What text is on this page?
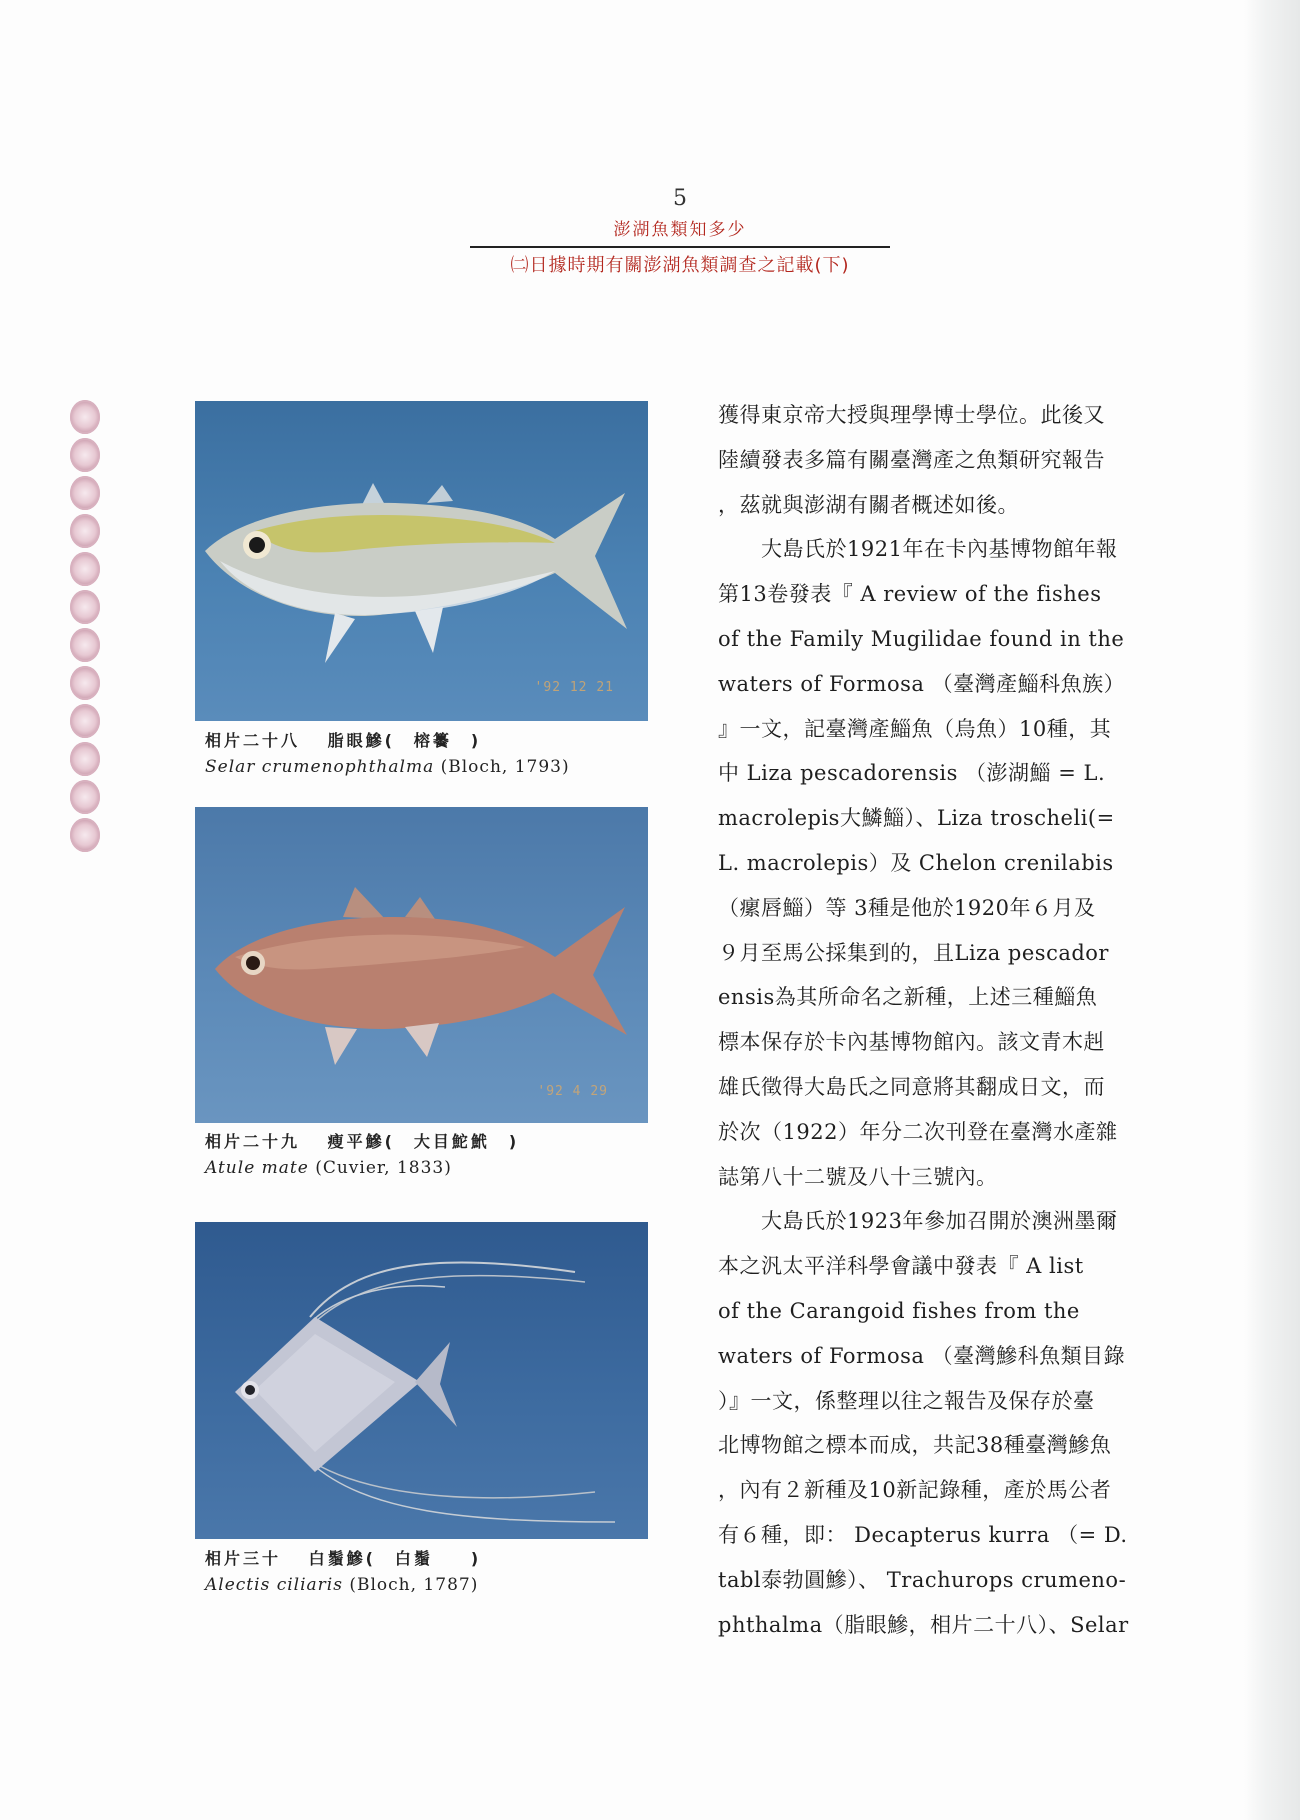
5
澎湖魚類知多少
㈡日據時期有關澎湖魚類調查之記載(下)
'92 12 21
相片二十八　 脂眼鰺(　榕䉵　)
Selar crumenophthalma (Bloch, 1793)
'92 4 29
相片二十九　 瘦平鰺(　大目鮀鮘　)
Atule mate (Cuvier, 1833)
相片三十　 白鬚鰺(　白鬚　　)
Alectis ciliaris (Bloch, 1787)
獲得東京帝大授與理學博士學位。此後又
陸續發表多篇有關臺灣產之魚類研究報告
，茲就與澎湖有關者概述如後。
　　大島氏於1921年在卡內基博物館年報
第13卷發表『 A review of the fishes
of the Family Mugilidae found in the
waters of Formosa （臺灣產鯔科魚族）
』一文，記臺灣產鯔魚（烏魚）10種，其
中 Liza pescadorensis （澎湖鯔 = L.
macrolepis大鱗鯔）、Liza troscheli(=
L. macrolepis）及 Chelon crenilabis
（瘰唇鯔）等 3種是他於1920年６月及
９月至馬公採集到的，且Liza pescador
ensis為其所命名之新種，上述三種鯔魚
標本保存於卡內基博物館內。該文青木赳
雄氏徵得大島氏之同意將其翻成日文，而
於次（1922）年分二次刊登在臺灣水產雜
誌第八十二號及八十三號內。
　　大島氏於1923年參加召開於澳洲墨爾
本之汎太平洋科學會議中發表『 A list
of the Carangoid fishes from the
waters of Formosa （臺灣鰺科魚類目錄
）』一文，係整理以往之報告及保存於臺
北博物館之標本而成，共記38種臺灣鰺魚
，內有２新種及10新記錄種，產於馬公者
有６種，即： Decapterus kurra （= D.
tabl泰勃圓鰺）、 Trachurops crumeno-
phthalma（脂眼鰺，相片二十八）、Selar
